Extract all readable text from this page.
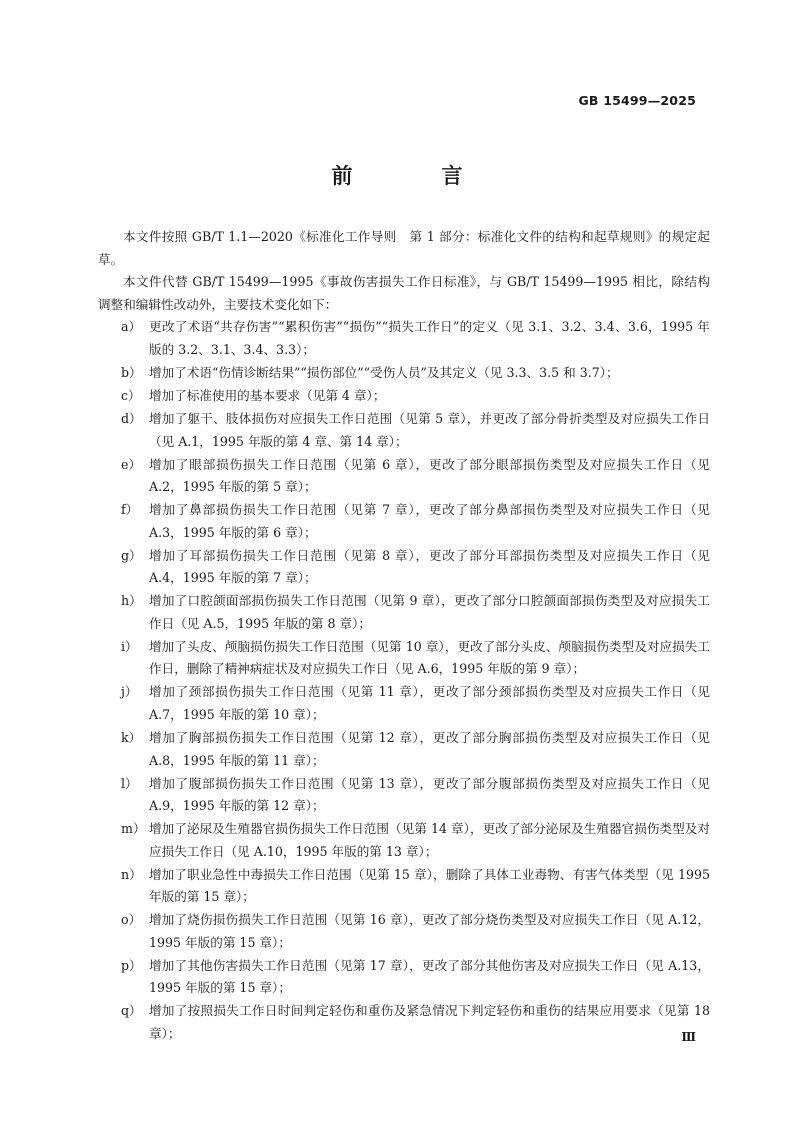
GB 15499—2025
前　言

本文件按照 GB/T 1.1—2020《标准化工作导则　第 1 部分：标准化文件的结构和起草规则》的规定起草。

本文件代替 GB/T 15499—1995《事故伤害损失工作日标准》，与 GB/T 15499—1995 相比，除结构调整和编辑性改动外，主要技术变化如下：

a） 更改了术语“共存伤害”“累积伤害”“损伤”“损失工作日”的定义（见 3.1、3.2、3.4、3.6，1995 年版的 3.2、3.1、3.4、3.3）；
b） 增加了术语“伤情诊断结果”“损伤部位”“受伤人员”及其定义（见 3.3、3.5 和 3.7）；
c） 增加了标准使用的基本要求（见第 4 章）；
d） 增加了躯干、肢体损伤对应损失工作日范围（见第 5 章），并更改了部分骨折类型及对应损失工作日（见 A.1，1995 年版的第 4 章、第 14 章）；
e） 增加了眼部损伤损失工作日范围（见第 6 章），更改了部分眼部损伤类型及对应损失工作日（见 A.2，1995 年版的第 5 章）；
f） 增加了鼻部损伤损失工作日范围（见第 7 章），更改了部分鼻部损伤类型及对应损失工作日（见 A.3，1995 年版的第 6 章）；
g） 增加了耳部损伤损失工作日范围（见第 8 章），更改了部分耳部损伤类型及对应损失工作日（见 A.4，1995 年版的第 7 章）；
h） 增加了口腔颌面部损伤损失工作日范围（见第 9 章），更改了部分口腔颌面部损伤类型及对应损失工作日（见 A.5，1995 年版的第 8 章）；
i） 增加了头皮、颅脑损伤损失工作日范围（见第 10 章），更改了部分头皮、颅脑损伤类型及对应损失工作日，删除了精神病症状及对应损失工作日（见 A.6，1995 年版的第 9 章）；
j） 增加了颈部损伤损失工作日范围（见第 11 章），更改了部分颈部损伤类型及对应损失工作日（见 A.7，1995 年版的第 10 章）；
k） 增加了胸部损伤损失工作日范围（见第 12 章），更改了部分胸部损伤类型及对应损失工作日（见 A.8，1995 年版的第 11 章）；
l） 增加了腹部损伤损失工作日范围（见第 13 章），更改了部分腹部损伤类型及对应损失工作日（见 A.9，1995 年版的第 12 章）；
m） 增加了泌尿及生殖器官损伤损失工作日范围（见第 14 章），更改了部分泌尿及生殖器官损伤类型及对应损失工作日（见 A.10，1995 年版的第 13 章）；
n） 增加了职业急性中毒损失工作日范围（见第 15 章），删除了具体工业毒物、有害气体类型（见 1995 年版的第 15 章）；
o） 增加了烧伤损伤损失工作日范围（见第 16 章），更改了部分烧伤类型及对应损失工作日（见 A.12，1995 年版的第 15 章）；
p） 增加了其他伤害损失工作日范围（见第 17 章），更改了部分其他伤害及对应损失工作日（见 A.13，1995 年版的第 15 章）；
q） 增加了按照损失工作日时间判定轻伤和重伤及紧急情况下判定轻伤和重伤的结果应用要求（见第 18 章）；	Ⅲ
